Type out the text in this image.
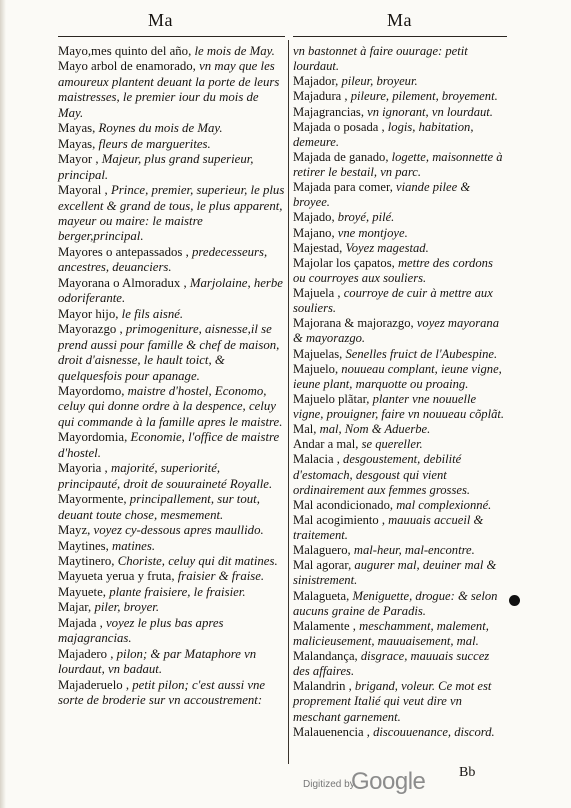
Ma	Ma

Mayo,mes quinto del año, le mois de May.

Mayo arbol de enamorado, vn may que les amoureux plantent deuant la porte de leurs maistresses, le premier iour du mois de May.

Mayas, Roynes du mois de May.

Mayas, fleurs de marguerites.

Mayor , Majeur, plus grand superieur, principal.

Mayoral , Prince, premier, superieur, le plus excellent & grand de tous, le plus apparent, mayeur ou maire: le maistre berger,principal.

Mayores o antepassados , predecesseurs, ancestres, deuanciers.

Mayorana o Almoradux , Marjolaine, herbe odoriferante.

Mayor hijo, le fils aisné.

Mayorazgo , primogeniture, aisnesse,il se prend aussi pour famille & chef de maison, droit d'aisnesse, le hault toict, & quelquesfois pour apanage.

Mayordomo, maistre d'hostel, Economo, celuy qui donne ordre à la despence, celuy qui commande à la famille apres le maistre.

Mayordomia, Economie, l'office de maistre d'hostel.

Mayoria , majorité, superiorité, principauté, droit de souuraineté Royalle.

Mayormente, principallement, sur tout, deuant toute chose, mesmement.

Mayz, voyez cy-dessous apres maullido.

Maytines, matines.

Maytinero, Choriste, celuy qui dit matines.

Mayueta yerua y fruta, fraisier & fraise.

Mayuete, plante fraisiere, le fraisier.

Majar, piler, broyer.

Majada , voyez le plus bas apres majagrancias.

Majadero , pilon; & par Mataphore vn lourdaut, vn badaut.

Majaderuelo , petit pilon; c'est aussi vne sorte de broderie sur vn accoustrement:

vn bastonnet à faire ouurage: petit lourdaut.

Majador, pileur, broyeur.

Majadura , pileure, pilement, broyement.

Majagrancias, vn ignorant, vn lourdaut.

Majada o posada , logis, habitation, demeure.

Majada de ganado, logette, maisonnette à retirer le bestail, vn parc.

Majada para comer, viande pilee & broyee.

Majado, broyé, pilé.

Majano, vne montjoye.

Majestad, Voyez magestad.

Majolar los çapatos, mettre des cordons ou courroyes aux souliers.

Majuela , courroye de cuir à mettre aux souliers.

Majorana & majorazgo, voyez mayorana & mayorazgo.

Majuelas, Senelles fruict de l'Aubespine.

Majuelo, nouueau complant, ieune vigne, ieune plant, marquotte ou proaing.

Majuelo plãtar, planter vne nouuelle vigne, prouigner, faire vn nouueau cõplãt.

Mal, mal, Nom & Aduerbe.

Andar a mal, se quereller.

Malacia , desgoustement, debilité d'estomach, desgoust qui vient ordinairement aux femmes grosses.

Mal acondicionado, mal complexionné.

Mal acogimiento , mauuais accueil & traitement.

Malaguero, mal-heur, mal-encontre.

Mal agorar, augurer mal, deuiner mal & sinistrement.

Malagueta, Meniguette, drogue: & selon aucuns graine de Paradis.

Malamente , meschamment, malement, malicieusement, mauuaisement, mal.

Malandança, disgrace, mauuais succez des affaires.

Malandrin , brigand, voleur. Ce mot est proprement Italié qui veut dire vn meschant garnement.

Malauenencia , discouuenance, discord.

Digitized by
Google Bb
